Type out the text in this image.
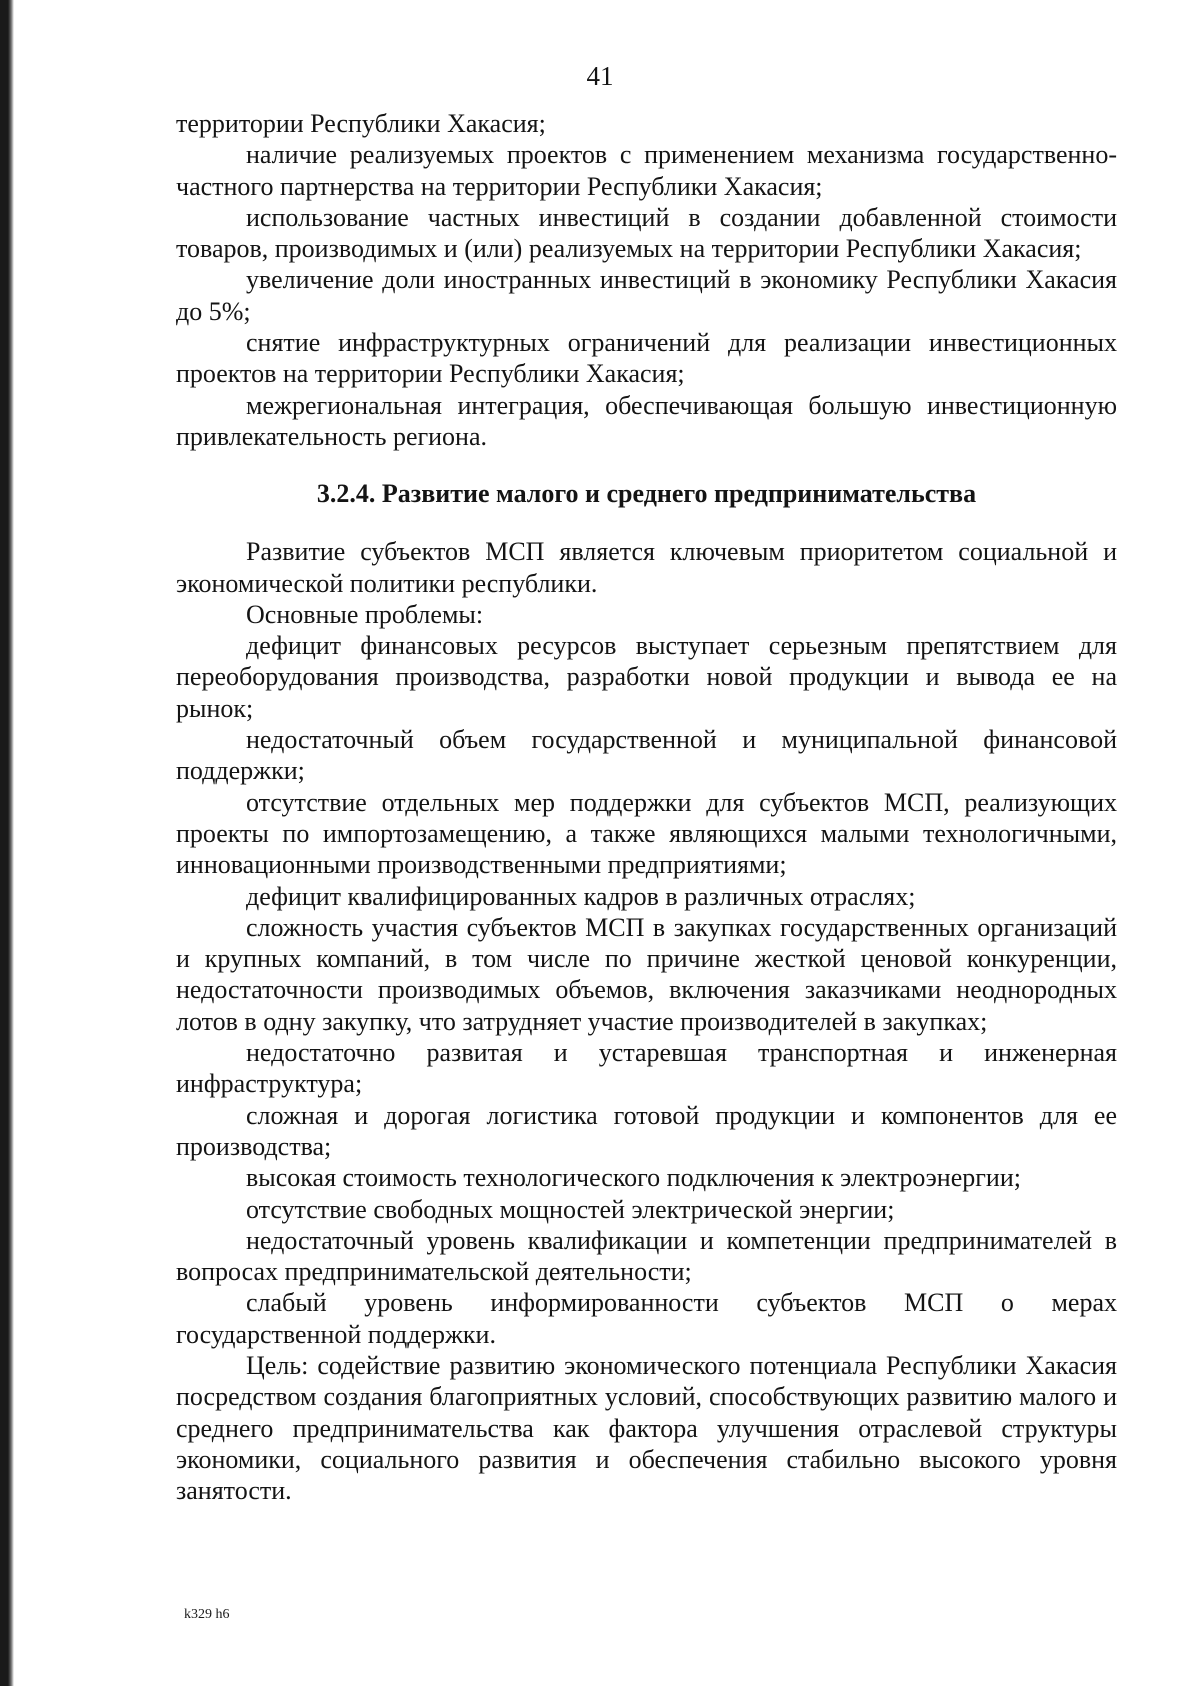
41

территории Республики Хакасия;

наличие реализуемых проектов с применением механизма государственно-частного партнерства на территории Республики Хакасия;

использование частных инвестиций в создании добавленной стоимости товаров, производимых и (или) реализуемых на территории Республики Хакасия;

увеличение доли иностранных инвестиций в экономику Республики Хакасия до 5%;

снятие инфраструктурных ограничений для реализации инвестиционных проектов на территории Республики Хакасия;

межрегиональная интеграция, обеспечивающая большую инвестиционную привлекательность региона.

3.2.4. Развитие малого и среднего предпринимательства

Развитие субъектов МСП является ключевым приоритетом социальной и экономической политики республики.

Основные проблемы:

дефицит финансовых ресурсов выступает серьезным препятствием для переоборудования производства, разработки новой продукции и вывода ее на рынок;

недостаточный объем государственной и муниципальной финансовой поддержки;

отсутствие отдельных мер поддержки для субъектов МСП, реализующих проекты по импортозамещению, а также являющихся малыми технологичными, инновационными производственными предприятиями;

дефицит квалифицированных кадров в различных отраслях;

сложность участия субъектов МСП в закупках государственных организаций и крупных компаний, в том числе по причине жесткой ценовой конкуренции, недостаточности производимых объемов, включения заказчиками неоднородных лотов в одну закупку, что затрудняет участие производителей в закупках;

недостаточно развитая и устаревшая транспортная и инженерная инфраструктура;

сложная и дорогая логистика готовой продукции и компонентов для ее производства;

высокая стоимость технологического подключения к электроэнергии;

отсутствие свободных мощностей электрической энергии;

недостаточный уровень квалификации и компетенции предпринимателей в вопросах предпринимательской деятельности;

слабый уровень информированности субъектов МСП о мерах государственной поддержки.

Цель: содействие развитию экономического потенциала Республики Хакасия посредством создания благоприятных условий, способствующих развитию малого и среднего предпринимательства как фактора улучшения отраслевой структуры экономики, социального развития и обеспечения стабильно высокого уровня занятости.

k329 h6
